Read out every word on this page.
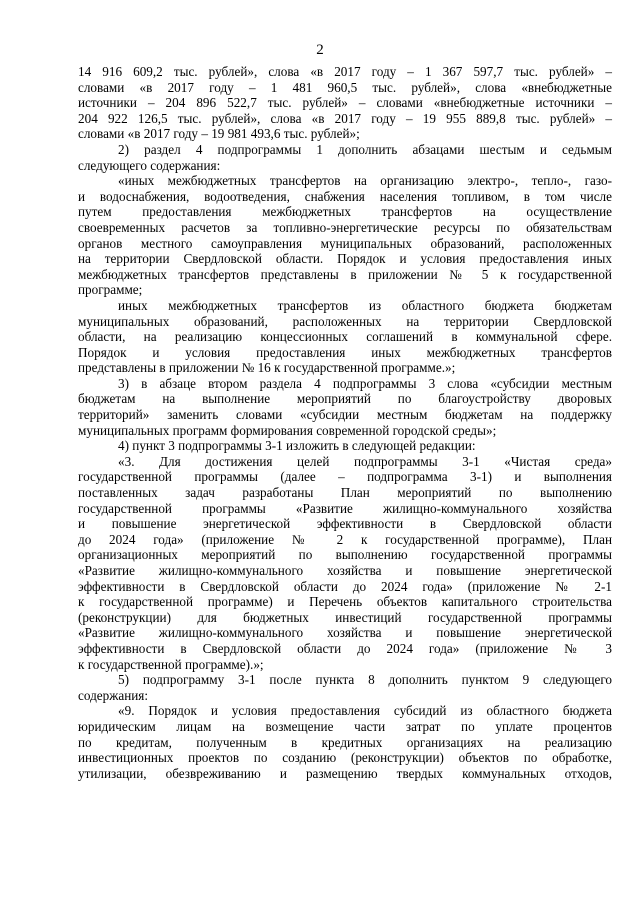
2
14 916 609,2 тыс. рублей», слова «в 2017 году – 1 367 597,7 тыс. рублей» –
словами «в 2017 году – 1 481 960,5 тыс. рублей», слова «внебюджетные
источники – 204 896 522,7 тыс. рублей» – словами «внебюджетные источники –
204 922 126,5 тыс. рублей», слова «в 2017 году – 19 955 889,8 тыс. рублей» –
словами «в 2017 году – 19 981 493,6 тыс. рублей»;
2) раздел 4 подпрограммы 1 дополнить абзацами шестым и седьмым
следующего содержания:
«иных межбюджетных трансфертов на организацию электро-, тепло-, газо-
и водоснабжения, водоотведения, снабжения населения топливом, в том числе
путем предоставления межбюджетных трансфертов на осуществление
своевременных расчетов за топливно-энергетические ресурсы по обязательствам
органов местного самоуправления муниципальных образований, расположенных
на территории Свердловской области. Порядок и условия предоставления иных
межбюджетных трансфертов представлены в приложении № 5 к государственной
программе;
иных межбюджетных трансфертов из областного бюджета бюджетам
муниципальных образований, расположенных на территории Свердловской
области, на реализацию концессионных соглашений в коммунальной сфере.
Порядок и условия предоставления иных межбюджетных трансфертов
представлены в приложении № 16 к государственной программе.»;
3) в абзаце втором раздела 4 подпрограммы 3 слова «субсидии местным
бюджетам на выполнение мероприятий по благоустройству дворовых
территорий» заменить словами «субсидии местным бюджетам на поддержку
муниципальных программ формирования современной городской среды»;
4) пункт 3 подпрограммы 3-1 изложить в следующей редакции:
«3. Для достижения целей подпрограммы 3-1 «Чистая среда»
государственной программы (далее – подпрограмма 3-1) и выполнения
поставленных задач разработаны План мероприятий по выполнению
государственной программы «Развитие жилищно-коммунального хозяйства
и повышение энергетической эффективности в Свердловской области
до 2024 года» (приложение № 2 к государственной программе), План
организационных мероприятий по выполнению государственной программы
«Развитие жилищно-коммунального хозяйства и повышение энергетической
эффективности в Свердловской области до 2024 года» (приложение № 2-1
к государственной программе) и Перечень объектов капитального строительства
(реконструкции) для бюджетных инвестиций государственной программы
«Развитие жилищно-коммунального хозяйства и повышение энергетической
эффективности в Свердловской области до 2024 года» (приложение № 3
к государственной программе).»;
5) подпрограмму 3-1 после пункта 8 дополнить пунктом 9 следующего
содержания:
«9. Порядок и условия предоставления субсидий из областного бюджета
юридическим лицам на возмещение части затрат по уплате процентов
по кредитам, полученным в кредитных организациях на реализацию
инвестиционных проектов по созданию (реконструкции) объектов по обработке,
утилизации, обезвреживанию и размещению твердых коммунальных отходов,
